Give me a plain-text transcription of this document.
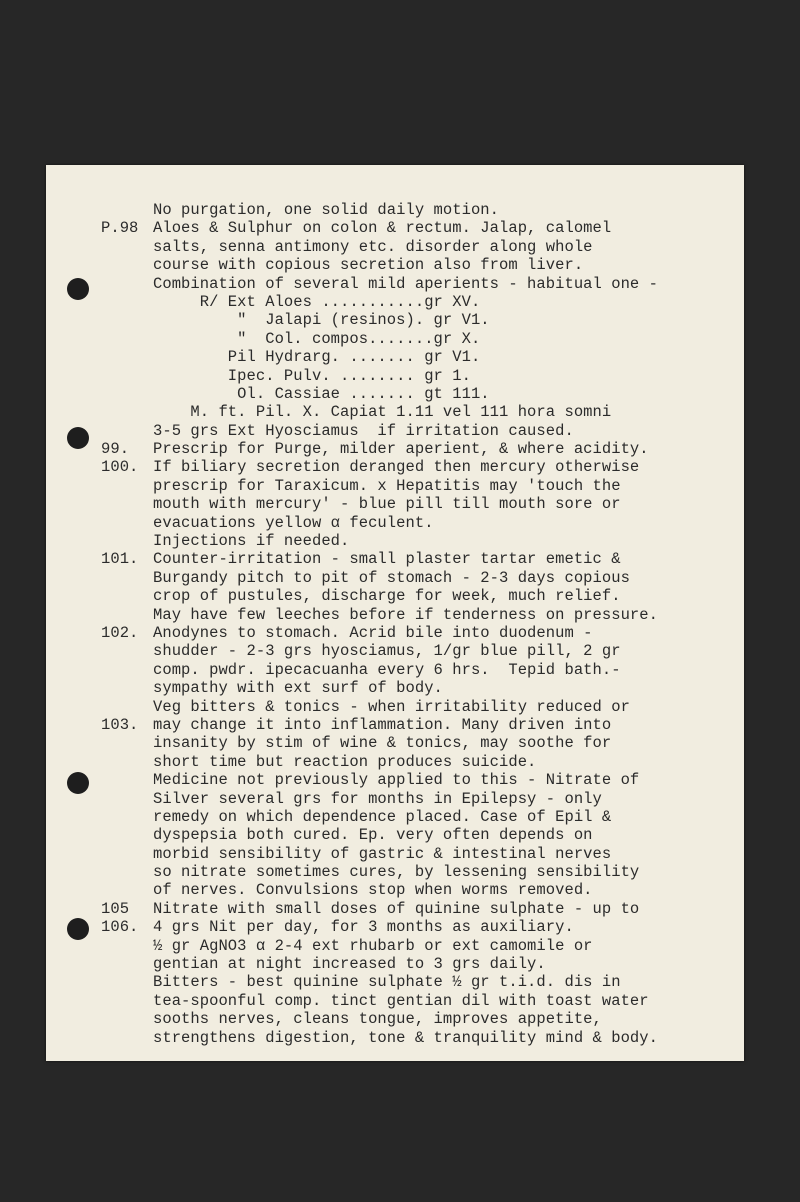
No purgation, one solid daily motion.
P.98 Aloes & Sulphur on colon & rectum. Jalap, calomel
salts, senna antimony etc. disorder along whole
course with copious secretion also from liver.
Combination of several mild aperients - habitual one -
R/ Ext Aloes ...........gr XV.
"  Jalapi (resinos). gr V1.
"  Col. compos.......gr X.
Pil Hydrarg. ....... gr V1.
Ipec. Pulv. ........ gr 1.
Ol. Cassiae ....... gt 111.
M. ft. Pil. X. Capiat 1.11 vel 111 hora somni
3-5 grs Ext Hyosciamus  if irritation caused.
99.	Prescrip for Purge, milder aperient, & where acidity.
100. If biliary secretion deranged then mercury otherwise
prescrip for Taraxicum. x Hepatitis may 'touch the
mouth with mercury' - blue pill till mouth sore or
evacuations yellow α feculent.
Injections if needed.
101. Counter-irritation - small plaster tartar emetic &
Burgandy pitch to pit of stomach - 2-3 days copious
crop of pustules, discharge for week, much relief.
May have few leeches before if tenderness on pressure.
102. Anodynes to stomach. Acrid bile into duodenum -
shudder - 2-3 grs hyosciamus, 1/gr blue pill, 2 gr
comp. pwdr. ipecacuanha every 6 hrs.  Tepid bath.-
sympathy with ext surf of body.
Veg bitters & tonics - when irritability reduced or
103. may change it into inflammation. Many driven into
insanity by stim of wine & tonics, may soothe for
short time but reaction produces suicide.
Medicine not previously applied to this - Nitrate of
Silver several grs for months in Epilepsy - only
remedy on which dependence placed. Case of Epil &
dyspepsia both cured. Ep. very often depends on
morbid sensibility of gastric & intestinal nerves
so nitrate sometimes cures, by lessening sensibility
of nerves. Convulsions stop when worms removed.
105	Nitrate with small doses of quinine sulphate - up to
106. 4 grs Nit per day, for 3 months as auxiliary.
½ gr AgNO3 α 2-4 ext rhubarb or ext camomile or
gentian at night increased to 3 grs daily.
Bitters - best quinine sulphate ½ gr t.i.d. dis in
tea-spoonful comp. tinct gentian dil with toast water
sooths nerves, cleans tongue, improves appetite,
strengthens digestion, tone & tranquility mind & body.
